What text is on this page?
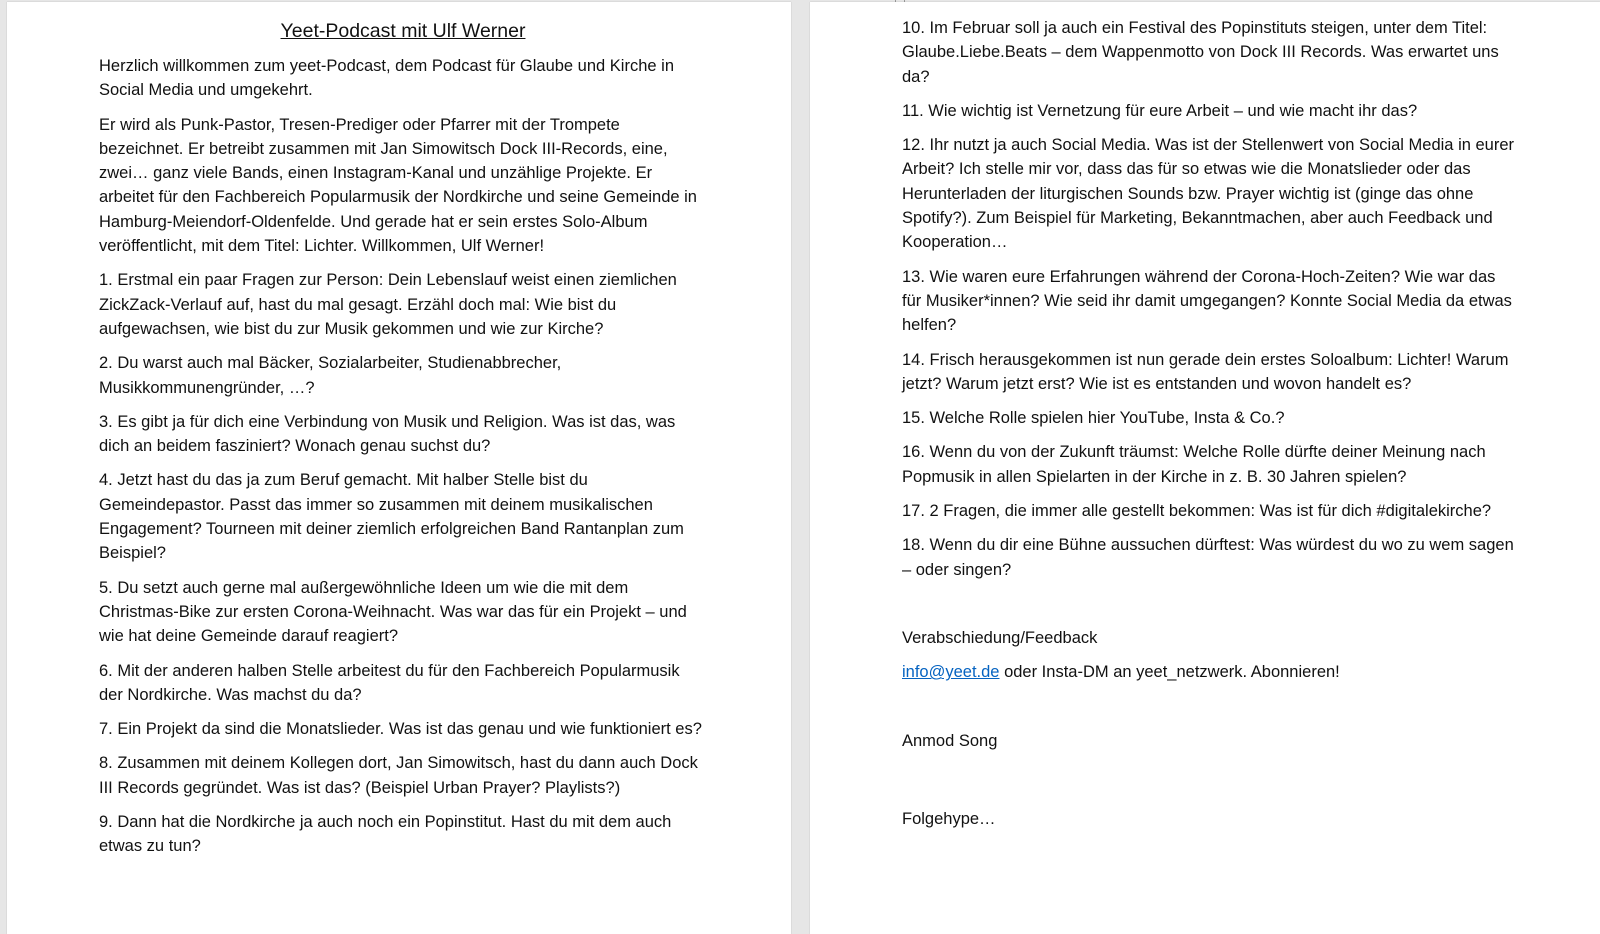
Yeet-Podcast mit Ulf Werner

Herzlich willkommen zum yeet-Podcast, dem Podcast für Glaube und Kirche in Social Media und umgekehrt.

Er wird als Punk-Pastor, Tresen-Prediger oder Pfarrer mit der Trompete bezeichnet. Er betreibt zusammen mit Jan Simowitsch Dock III-Records, eine, zwei… ganz viele Bands, einen Instagram-Kanal und unzählige Projekte. Er arbeitet für den Fachbereich Popularmusik der Nordkirche und seine Gemeinde in Hamburg-Meiendorf-Oldenfelde. Und gerade hat er sein erstes Solo-Album veröffentlicht, mit dem Titel: Lichter. Willkommen, Ulf Werner!

1. Erstmal ein paar Fragen zur Person: Dein Lebenslauf weist einen ziemlichen ZickZack-Verlauf auf, hast du mal gesagt. Erzähl doch mal: Wie bist du aufgewachsen, wie bist du zur Musik gekommen und wie zur Kirche?

2. Du warst auch mal Bäcker, Sozialarbeiter, Studienabbrecher, Musikkommunengründer, …?

3. Es gibt ja für dich eine Verbindung von Musik und Religion. Was ist das, was dich an beidem fasziniert? Wonach genau suchst du?

4. Jetzt hast du das ja zum Beruf gemacht. Mit halber Stelle bist du Gemeindepastor. Passt das immer so zusammen mit deinem musikalischen Engagement? Tourneen mit deiner ziemlich erfolgreichen Band Rantanplan zum Beispiel?

5. Du setzt auch gerne mal außergewöhnliche Ideen um wie die mit dem Christmas-Bike zur ersten Corona-Weihnacht. Was war das für ein Projekt – und wie hat deine Gemeinde darauf reagiert?

6. Mit der anderen halben Stelle arbeitest du für den Fachbereich Popularmusik der Nordkirche. Was machst du da?

7. Ein Projekt da sind die Monatslieder. Was ist das genau und wie funktioniert es?

8. Zusammen mit deinem Kollegen dort, Jan Simowitsch, hast du dann auch Dock III Records gegründet. Was ist das? (Beispiel Urban Prayer? Playlists?)

9. Dann hat die Nordkirche ja auch noch ein Popinstitut. Hast du mit dem auch etwas zu tun?

10. Im Februar soll ja auch ein Festival des Popinstituts steigen, unter dem Titel: Glaube.Liebe.Beats – dem Wappenmotto von Dock III Records. Was erwartet uns da?

11. Wie wichtig ist Vernetzung für eure Arbeit – und wie macht ihr das?

12. Ihr nutzt ja auch Social Media. Was ist der Stellenwert von Social Media in eurer Arbeit? Ich stelle mir vor, dass das für so etwas wie die Monatslieder oder das Herunterladen der liturgischen Sounds bzw. Prayer wichtig ist (ginge das ohne Spotify?). Zum Beispiel für Marketing, Bekanntmachen, aber auch Feedback und Kooperation…

13. Wie waren eure Erfahrungen während der Corona-Hoch-Zeiten? Wie war das für Musiker*innen? Wie seid ihr damit umgegangen? Konnte Social Media da etwas helfen?

14. Frisch herausgekommen ist nun gerade dein erstes Soloalbum: Lichter! Warum jetzt? Warum jetzt erst? Wie ist es entstanden und wovon handelt es?

15. Welche Rolle spielen hier YouTube, Insta & Co.?

16. Wenn du von der Zukunft träumst: Welche Rolle dürfte deiner Meinung nach Popmusik in allen Spielarten in der Kirche in z. B. 30 Jahren spielen?

17. 2 Fragen, die immer alle gestellt bekommen: Was ist für dich #digitalekirche?

18. Wenn du dir eine Bühne aussuchen dürftest: Was würdest du wo zu wem sagen – oder singen?

Verabschiedung/Feedback

info@yeet.de oder Insta-DM an yeet_netzwerk. Abonnieren!

Anmod Song

Folgehype…
